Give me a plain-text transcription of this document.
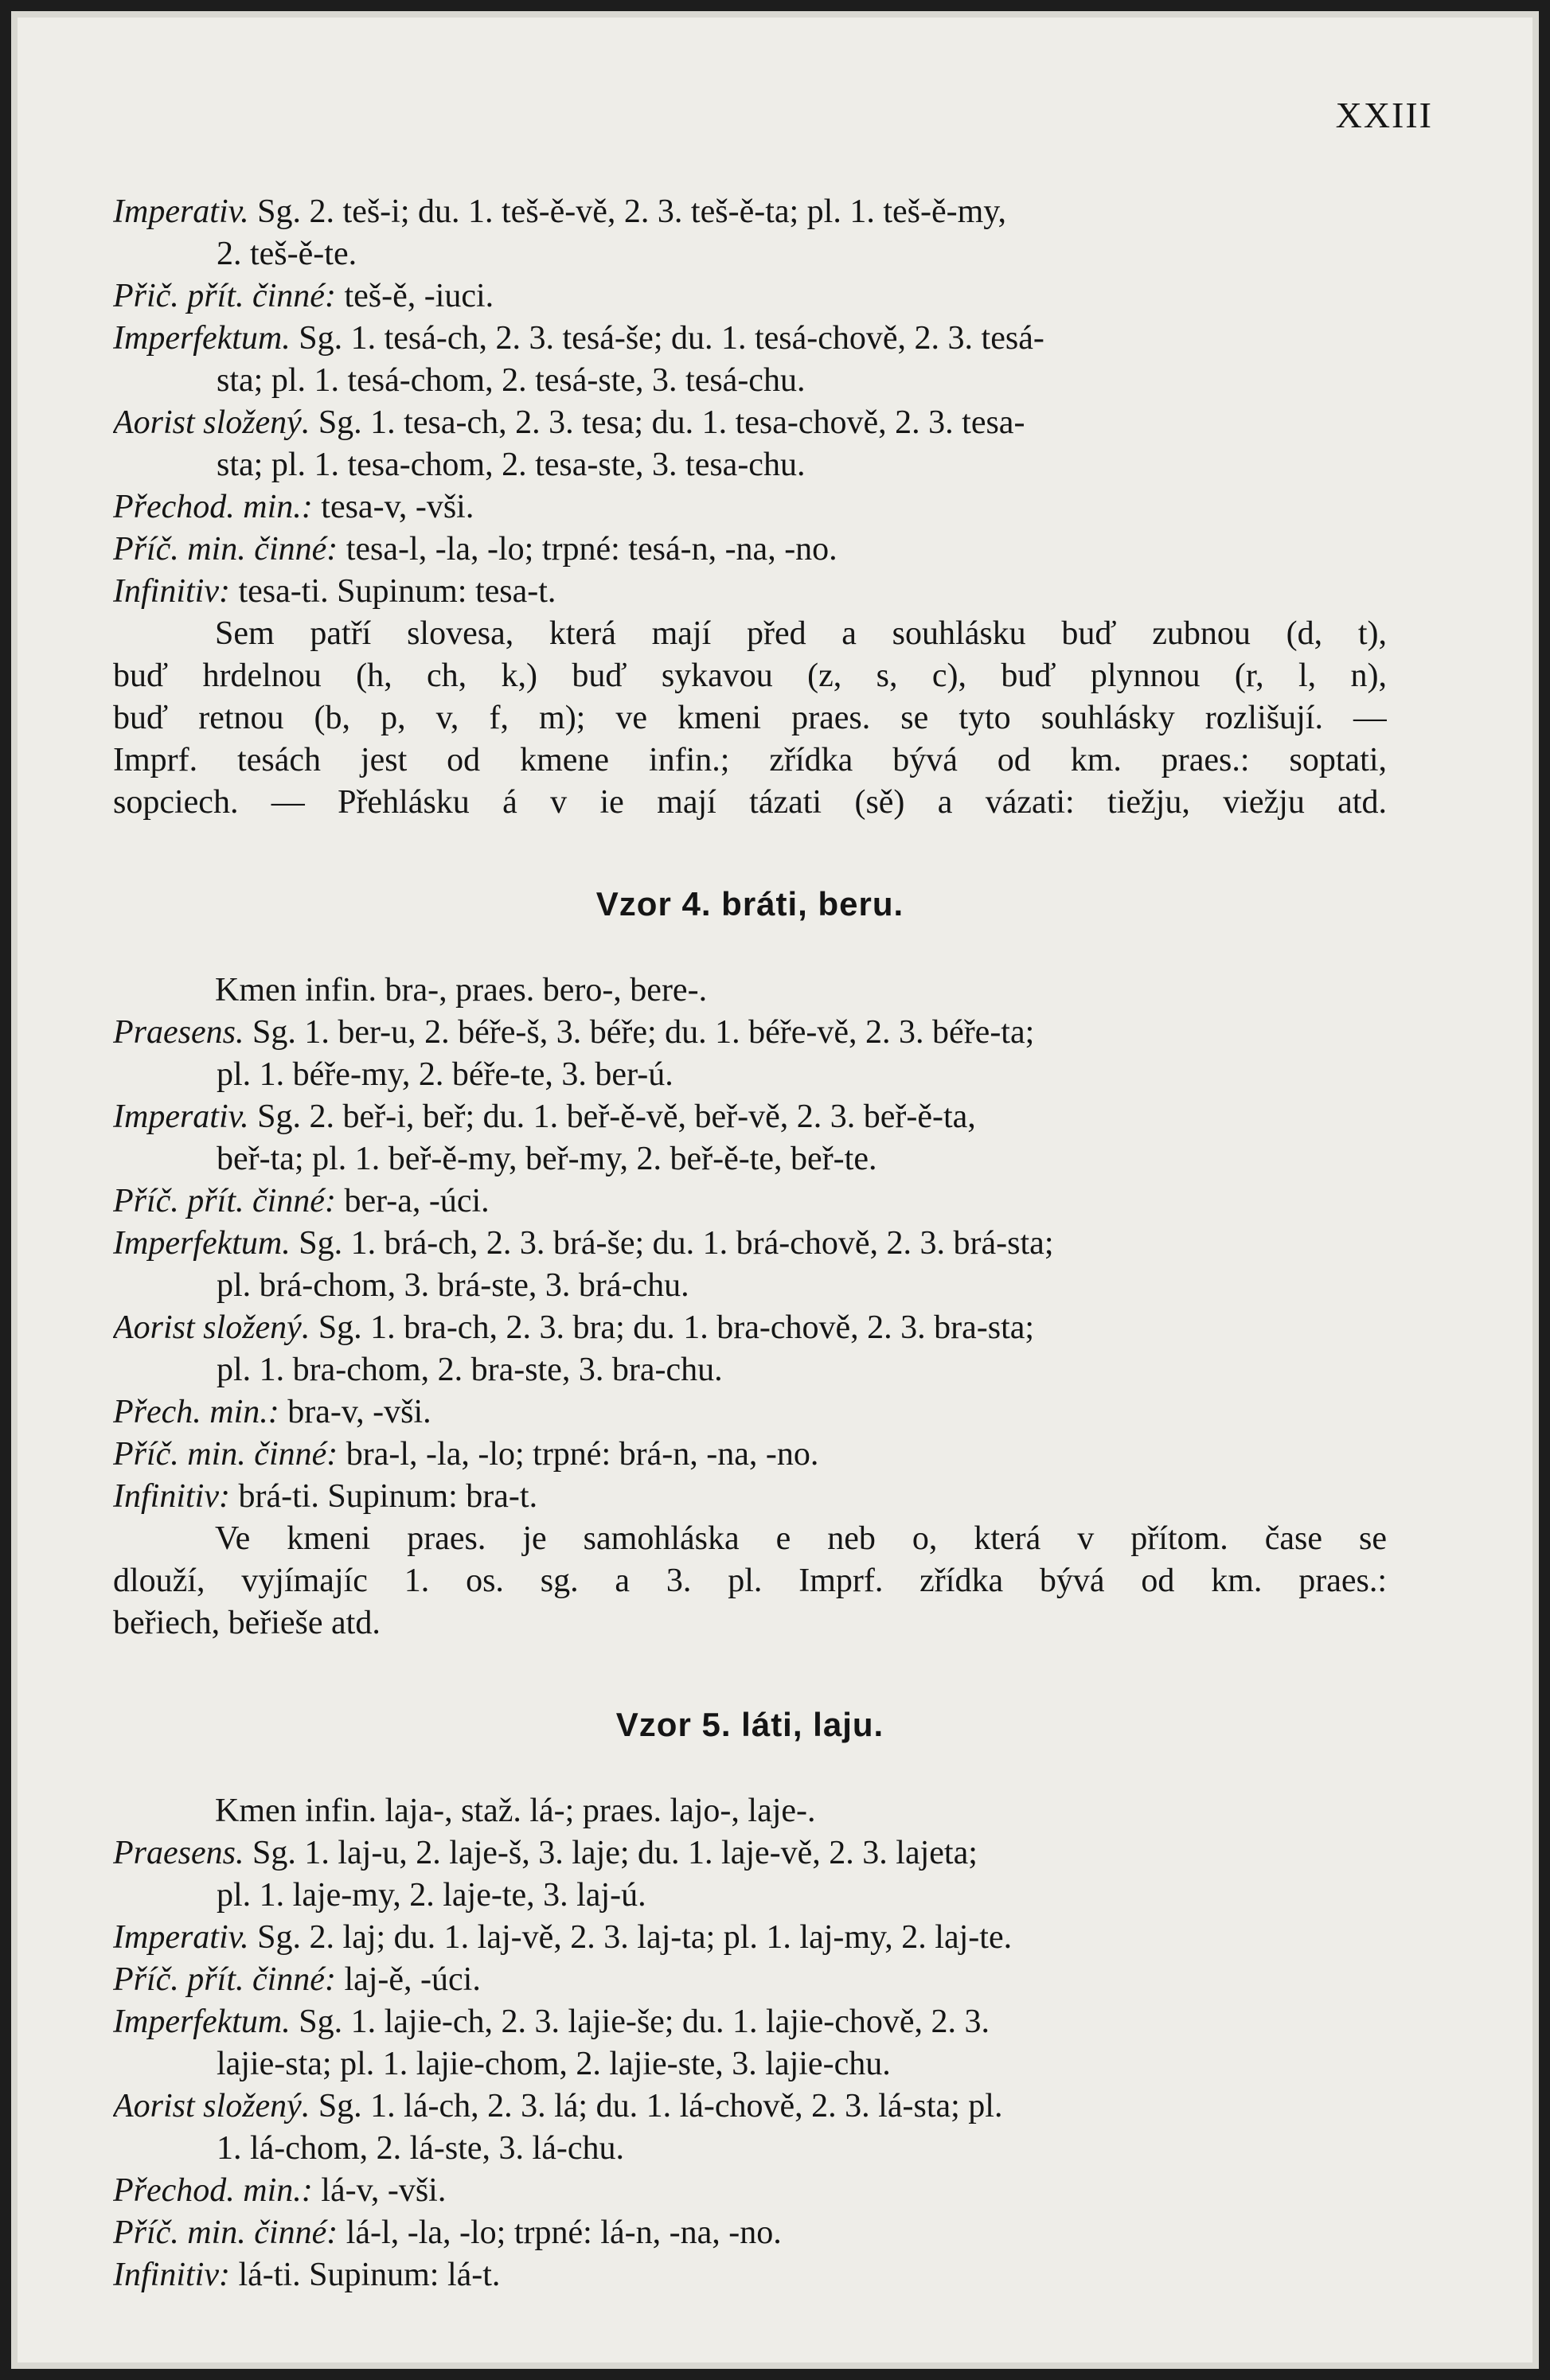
XXIII
Imperativ. Sg. 2. teš-i; du. 1. teš-ě-vě, 2. 3. teš-ě-ta; pl. 1. teš-ě-my,
2. teš-ě-te.
Přič. přít. činné: teš-ě, -iuci.
Imperfektum. Sg. 1. tesá-ch, 2. 3. tesá-še; du. 1. tesá-chově, 2. 3. tesá-
sta; pl. 1. tesá-chom, 2. tesá-ste, 3. tesá-chu.
Aorist složený. Sg. 1. tesa-ch, 2. 3. tesa; du. 1. tesa-chově, 2. 3. tesa-
sta; pl. 1. tesa-chom, 2. tesa-ste, 3. tesa-chu.
Přechod. min.: tesa-v, -vši.
Příč. min. činné: tesa-l, -la, -lo; trpné: tesá-n, -na, -no.
Infinitiv: tesa-ti. Supinum: tesa-t.
Sem patří slovesa, která mají před a souhlásku buď zubnou (d, t),
buď hrdelnou (h, ch, k,) buď sykavou (z, s, c), buď plynnou (r, l, n),
buď retnou (b, p, v, f, m); ve kmeni praes. se tyto souhlásky rozlišují. —
Imprf. tesách jest od kmene infin.; zřídka bývá od km. praes.: soptati,
sopciech. — Přehlásku á v ie mají tázati (sě) a vázati: tiežju, viežju atd.
Vzor 4. bráti, beru.
Kmen infin. bra-, praes. bero-, bere-.
Praesens. Sg. 1. ber-u, 2. béře-š, 3. béře; du. 1. béře-vě, 2. 3. béře-ta;
pl. 1. béře-my, 2. béře-te, 3. ber-ú.
Imperativ. Sg. 2. beř-i, beř; du. 1. beř-ě-vě, beř-vě, 2. 3. beř-ě-ta,
beř-ta; pl. 1. beř-ě-my, beř-my, 2. beř-ě-te, beř-te.
Příč. přít. činné: ber-a, -úci.
Imperfektum. Sg. 1. brá-ch, 2. 3. brá-še; du. 1. brá-chově, 2. 3. brá-sta;
pl. brá-chom, 3. brá-ste, 3. brá-chu.
Aorist složený. Sg. 1. bra-ch, 2. 3. bra; du. 1. bra-chově, 2. 3. bra-sta;
pl. 1. bra-chom, 2. bra-ste, 3. bra-chu.
Přech. min.: bra-v, -vši.
Příč. min. činné: bra-l, -la, -lo; trpné: brá-n, -na, -no.
Infinitiv: brá-ti. Supinum: bra-t.
Ve kmeni praes. je samohláska e neb o, která v přítom. čase se
dlouží, vyjímajíc 1. os. sg. a 3. pl. Imprf. zřídka bývá od km. praes.:
beřiech, beřieše atd.
Vzor 5. láti, laju.
Kmen infin. laja-, staž. lá-; praes. lajo-, laje-.
Praesens. Sg. 1. laj-u, 2. laje-š, 3. laje; du. 1. laje-vě, 2. 3. lajeta;
pl. 1. laje-my, 2. laje-te, 3. laj-ú.
Imperativ. Sg. 2. laj; du. 1. laj-vě, 2. 3. laj-ta; pl. 1. laj-my, 2. laj-te.
Příč. přít. činné: laj-ě, -úci.
Imperfektum. Sg. 1. lajie-ch, 2. 3. lajie-še; du. 1. lajie-chově, 2. 3.
lajie-sta; pl. 1. lajie-chom, 2. lajie-ste, 3. lajie-chu.
Aorist složený. Sg. 1. lá-ch, 2. 3. lá; du. 1. lá-chově, 2. 3. lá-sta; pl.
1. lá-chom, 2. lá-ste, 3. lá-chu.
Přechod. min.: lá-v, -vši.
Příč. min. činné: lá-l, -la, -lo; trpné: lá-n, -na, -no.
Infinitiv: lá-ti. Supinum: lá-t.
